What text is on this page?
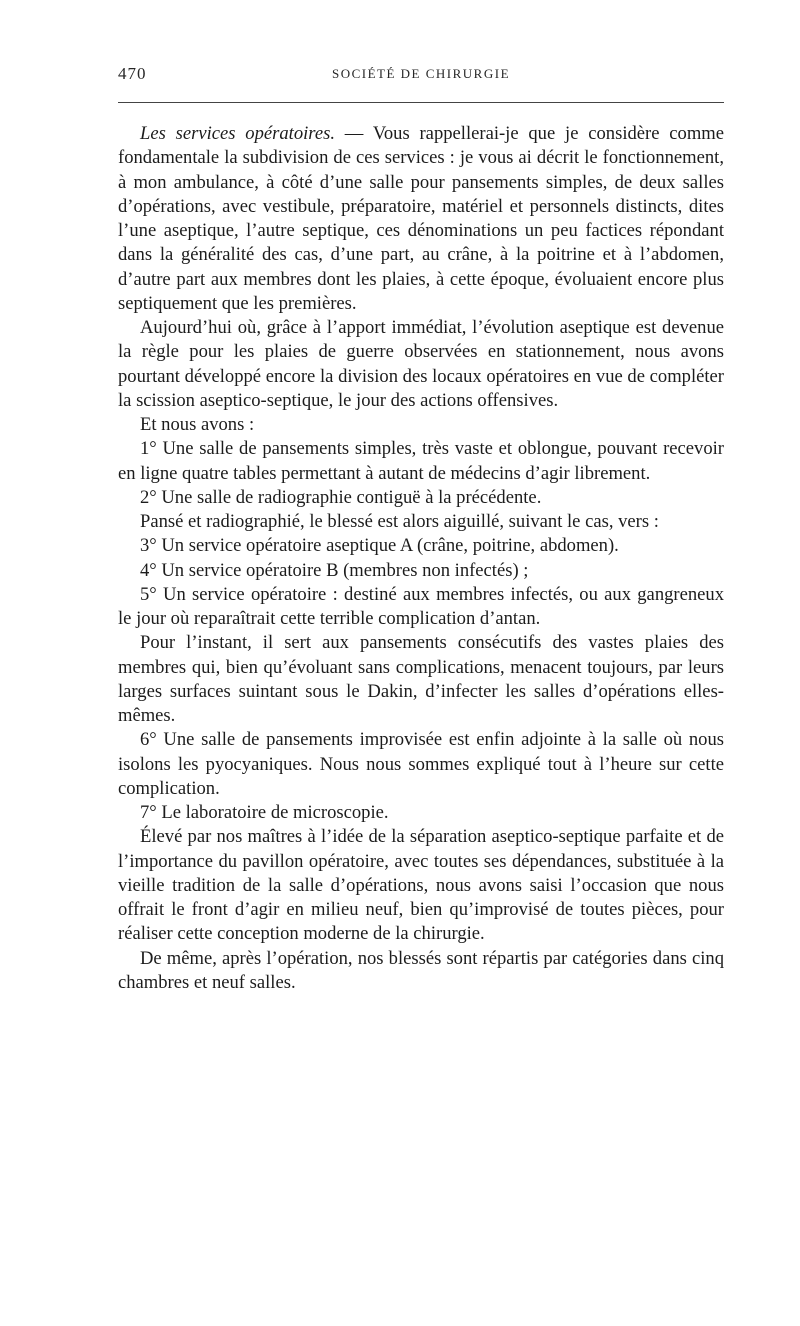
470	SOCIÉTÉ DE CHIRURGIE

Les services opératoires. — Vous rappellerai-je que je considère comme fondamentale la subdivision de ces services : je vous ai décrit le fonctionnement, à mon ambulance, à côté d’une salle pour pansements simples, de deux salles d’opérations, avec vestibule, préparatoire, matériel et personnels distincts, dites l’une aseptique, l’autre septique, ces dénominations un peu factices répondant dans la généralité des cas, d’une part, au crâne, à la poitrine et à l’abdomen, d’autre part aux membres dont les plaies, à cette époque, évoluaient encore plus septiquement que les premières.

Aujourd’hui où, grâce à l’apport immédiat, l’évolution aseptique est devenue la règle pour les plaies de guerre observées en stationnement, nous avons pourtant développé encore la division des locaux opératoires en vue de compléter la scission aseptico-septique, le jour des actions offensives.

Et nous avons :

1° Une salle de pansements simples, très vaste et oblongue, pouvant recevoir en ligne quatre tables permettant à autant de médecins d’agir librement.

2° Une salle de radiographie contiguë à la précédente.

Pansé et radiographié, le blessé est alors aiguillé, suivant le cas, vers :

3° Un service opératoire aseptique A (crâne, poitrine, abdomen).

4° Un service opératoire B (membres non infectés) ;

5° Un service opératoire : destiné aux membres infectés, ou aux gangreneux le jour où reparaîtrait cette terrible complication d’antan.

Pour l’instant, il sert aux pansements consécutifs des vastes plaies des membres qui, bien qu’évoluant sans complications, menacent toujours, par leurs larges surfaces suintant sous le Dakin, d’infecter les salles d’opérations elles-mêmes.

6° Une salle de pansements improvisée est enfin adjointe à la salle où nous isolons les pyocyaniques. Nous nous sommes expliqué tout à l’heure sur cette complication.

7° Le laboratoire de microscopie.

Élevé par nos maîtres à l’idée de la séparation aseptico-septique parfaite et de l’importance du pavillon opératoire, avec toutes ses dépendances, substituée à la vieille tradition de la salle d’opérations, nous avons saisi l’occasion que nous offrait le front d’agir en milieu neuf, bien qu’improvisé de toutes pièces, pour réaliser cette conception moderne de la chirurgie.

De même, après l’opération, nos blessés sont répartis par catégories dans cinq chambres et neuf salles.
